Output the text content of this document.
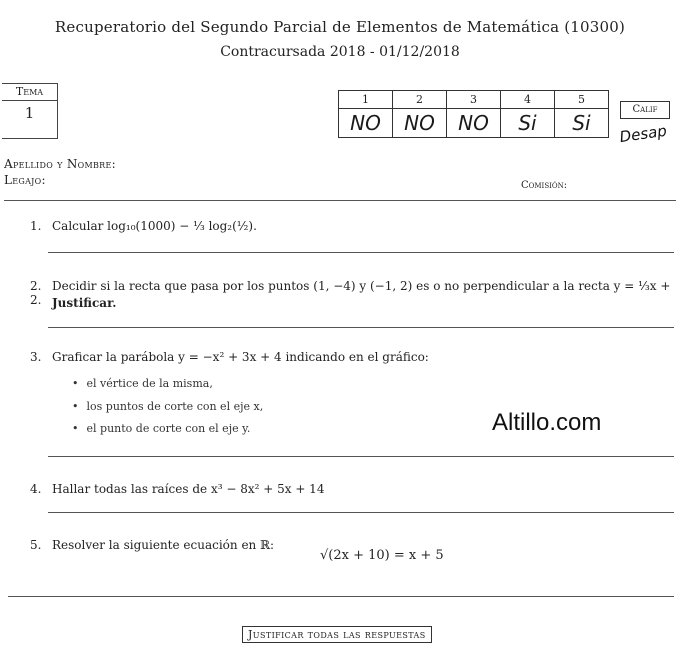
Recuperatorio del Segundo Parcial de Elementos de Matemática (10300)
Contracursada 2018 - 01/12/2018
Tema
1
1	2	3	4	5
NO	NO	NO	Si	Si
Calif
Desap
Apellido y Nombre:
Legajo:	Comisión:
1. Calcular log₁₀(1000) − ⅓ log₂(½).
2. Decidir si la recta que pasa por los puntos (1, −4) y (−1, 2) es o no perpendicular a la recta y = ⅓x + 2. Justificar.
3. Graficar la parábola y = −x² + 3x + 4 indicando en el gráfico:
• el vértice de la misma,
• los puntos de corte con el eje x,
• el punto de corte con el eje y.	Altillo.com
4. Hallar todas las raíces de x³ − 8x² + 5x + 14
5. Resolver la siguiente ecuación en ℝ:
√(2x + 10) = x + 5
Justificar todas las respuestas
